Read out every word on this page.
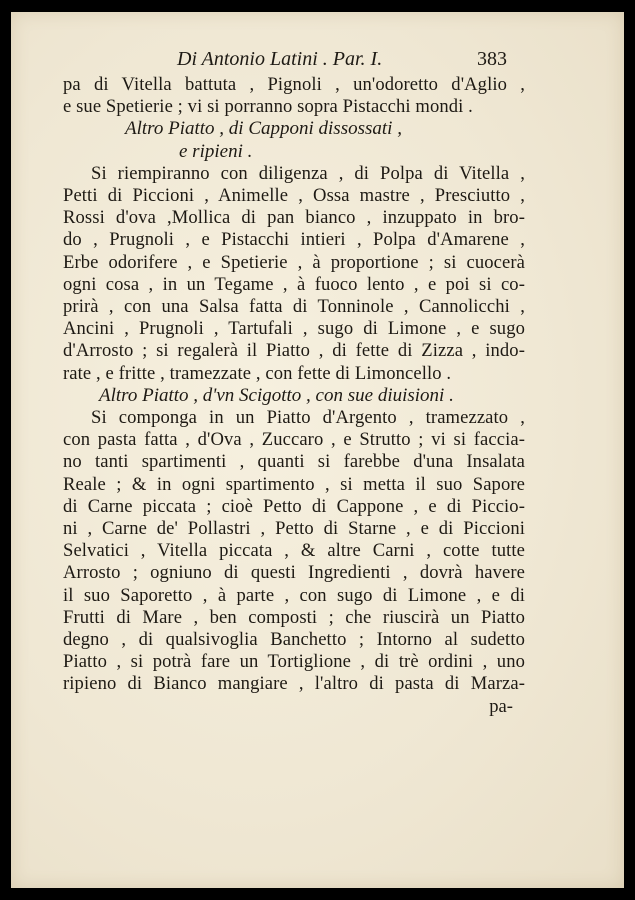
Di Antonio Latini . Par. I.	383
pa di Vitella battuta , Pignoli , un'odoretto d'Aglio ,
e sue Spetierie ; vi si porranno sopra Pistacchi mondi .
Altro Piatto , di Capponi dissossati ,
e ripieni .
Si riempiranno con diligenza , di Polpa di Vitella ,
Petti di Piccioni , Animelle , Ossa mastre , Presciutto ,
Rossi d'ova ,Mollica di pan bianco , inzuppato in bro-
do , Prugnoli , e Pistacchi intieri , Polpa d'Amarene ,
Erbe odorifere , e Spetierie , à proportione ; si cuocerà
ogni cosa , in un Tegame , à fuoco lento , e poi si co-
prirà , con una Salsa fatta di Tonninole , Cannolicchi ,
Ancini , Prugnoli , Tartufali , sugo di Limone , e sugo
d'Arrosto ; si regalerà il Piatto , di fette di Zizza , indo-
rate , e fritte , tramezzate , con fette di Limoncello .
Altro Piatto , d'vn Scigotto , con sue diuisioni .
Si componga in un Piatto d'Argento , tramezzato ,
con pasta fatta , d'Ova , Zuccaro , e Strutto ; vi si faccia-
no tanti spartimenti , quanti si farebbe d'una Insalata
Reale ; & in ogni spartimento , si metta il suo Sapore
di Carne piccata ; cioè Petto di Cappone , e di Piccio-
ni , Carne de' Pollastri , Petto di Starne , e di Piccioni
Selvatici , Vitella piccata , & altre Carni , cotte tutte
Arrosto ; ogniuno di questi Ingredienti , dovrà havere
il suo Saporetto , à parte , con sugo di Limone , e di
Frutti di Mare , ben composti ; che riuscirà un Piatto
degno , di qualsivoglia Banchetto ; Intorno al sudetto
Piatto , si potrà fare un Tortiglione , di trè ordini , uno
ripieno di Bianco mangiare , l'altro di pasta di Marza-
pa-
